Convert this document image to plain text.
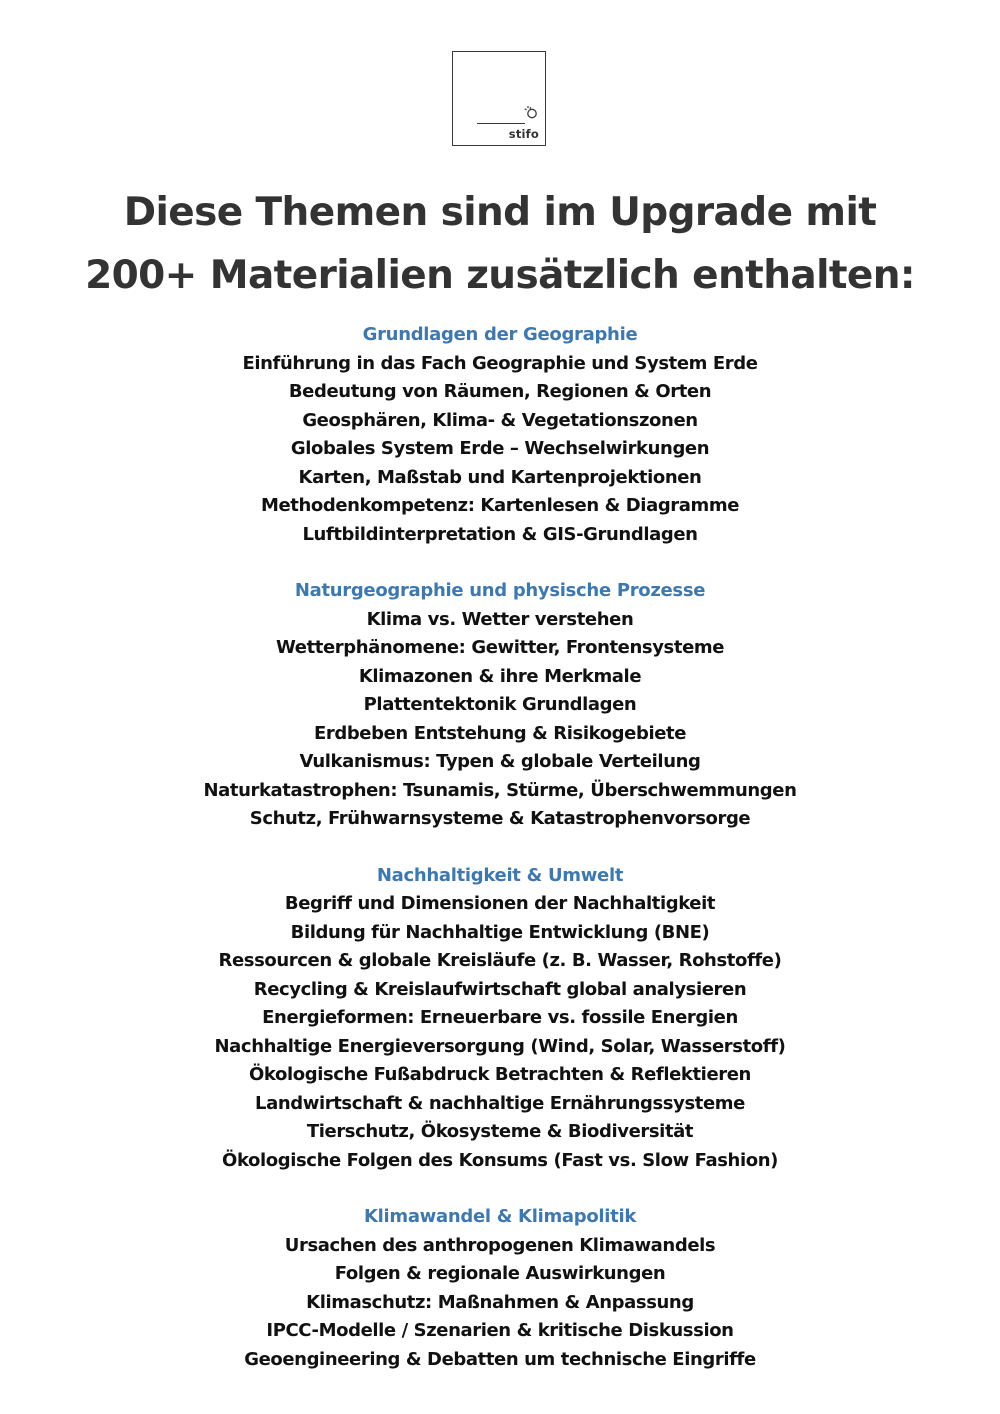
stifo
Diese Themen sind im Upgrade mit
200+ Materialien zusätzlich enthalten:
Grundlagen der Geographie
Einführung in das Fach Geographie und System Erde
Bedeutung von Räumen, Regionen & Orten
Geosphären, Klima- & Vegetationszonen
Globales System Erde – Wechselwirkungen
Karten, Maßstab und Kartenprojektionen
Methodenkompetenz: Kartenlesen & Diagramme
Luftbildinterpretation & GIS-Grundlagen
Naturgeographie und physische Prozesse
Klima vs. Wetter verstehen
Wetterphänomene: Gewitter, Frontensysteme
Klimazonen & ihre Merkmale
Plattentektonik Grundlagen
Erdbeben Entstehung & Risikogebiete
Vulkanismus: Typen & globale Verteilung
Naturkatastrophen: Tsunamis, Stürme, Überschwemmungen
Schutz, Frühwarnsysteme & Katastrophenvorsorge
Nachhaltigkeit & Umwelt
Begriff und Dimensionen der Nachhaltigkeit
Bildung für Nachhaltige Entwicklung (BNE)
Ressourcen & globale Kreisläufe (z. B. Wasser, Rohstoffe)
Recycling & Kreislaufwirtschaft global analysieren
Energieformen: Erneuerbare vs. fossile Energien
Nachhaltige Energieversorgung (Wind, Solar, Wasserstoff)
Ökologische Fußabdruck Betrachten & Reflektieren
Landwirtschaft & nachhaltige Ernährungssysteme
Tierschutz, Ökosysteme & Biodiversität
Ökologische Folgen des Konsums (Fast vs. Slow Fashion)
Klimawandel & Klimapolitik
Ursachen des anthropogenen Klimawandels
Folgen & regionale Auswirkungen
Klimaschutz: Maßnahmen & Anpassung
IPCC-Modelle / Szenarien & kritische Diskussion
Geoengineering & Debatten um technische Eingriffe
